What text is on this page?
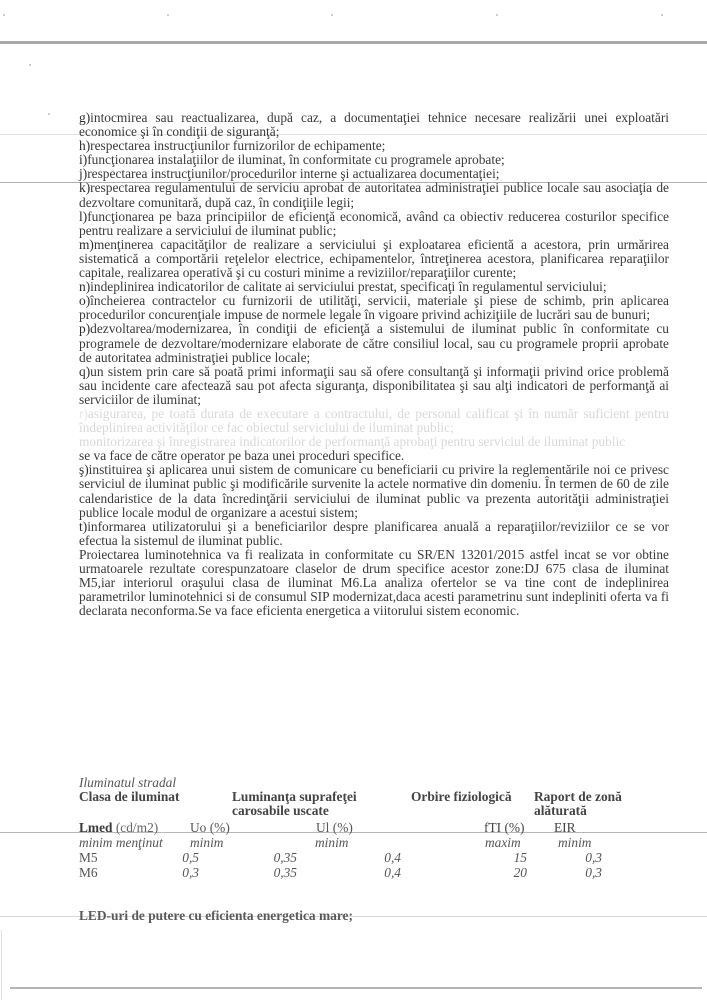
g)intocmirea sau reactualizarea, după caz, a documentaţiei tehnice necesare realizării unei exploatări economice şi în condiţii de siguranţă;

h)respectarea instrucţiunilor furnizorilor de echipamente;

i)funcţionarea instalaţiilor de iluminat, în conformitate cu programele aprobate;

j)respectarea instrucţiunilor/procedurilor interne şi actualizarea documentaţiei;

k)respectarea regulamentului de serviciu aprobat de autoritatea administraţiei publice locale sau asociaţia de dezvoltare comunitară, după caz, în condiţiile legii;

l)funcţionarea pe baza principiilor de eficienţă economică, având ca obiectiv reducerea costurilor specifice pentru realizare a serviciului de iluminat public;

m)menţinerea capacităţilor de realizare a serviciului şi exploatarea eficientă a acestora, prin urmărirea sistematică a comportării reţelelor electrice, echipamentelor, întreţinerea acestora, planificarea reparaţiilor capitale, realizarea operativă şi cu costuri minime a reviziilor/reparaţiilor curente;

n)indeplinirea indicatorilor de calitate ai serviciului prestat, specificaţi în regulamentul serviciului;

o)încheierea contractelor cu furnizorii de utilităţi, servicii, materiale şi piese de schimb, prin aplicarea procedurilor concurenţiale impuse de normele legale în vigoare privind achiziţiile de lucrări sau de bunuri;

p)dezvoltarea/modernizarea, în condiţii de eficienţă a sistemului de iluminat public în conformitate cu programele de dezvoltare/modernizare elaborate de către consiliul local, sau cu programele proprii aprobate de autoritatea administraţiei publice locale;

q)un sistem prin care să poată primi informaţii sau să ofere consultanţă şi informaţii privind orice problemă sau incidente care afectează sau pot afecta siguranţa, disponibilitatea şi sau alţi indicatori de performanţă ai serviciilor de iluminat;

r)asigurarea, pe toată durata de executare a contractului, de personal calificat şi în număr suficient pentru îndeplinirea activităţilor ce fac obiectul serviciului de iluminat public;

monitorizarea şi înregistrarea indicatorilor de performanţă aprobaţi pentru serviciul de iluminat public

se va face de către operator pe baza unei proceduri specifice.

ş)instituirea şi aplicarea unui sistem de comunicare cu beneficiarii cu privire la reglementările noi ce privesc serviciul de iluminat public şi modificările survenite la actele normative din domeniu. În termen de 60 de zile calendaristice de la data încredinţării serviciului de iluminat public va prezenta autorităţii administraţiei publice locale modul de organizare a acestui sistem;

t)informarea utilizatorului şi a beneficiarilor despre planificarea anuală a reparaţiilor/reviziilor ce se vor efectua la sistemul de iluminat public.

Proiectarea luminotehnica va fi realizata in conformitate cu SR/EN 13201/2015 astfel incat se vor obtine urmatoarele rezultate corespunzatoare claselor de drum specifice acestor zone:DJ 675 clasa de iluminat M5,iar interiorul oraşului clasa de iluminat M6.La analiza ofertelor se va tine cont de indeplinirea parametrilor luminotehnici si de consumul SIP modernizat,daca acesti parametrinu sunt indepliniti oferta va fi declarata neconforma.Se va face eficienta energetica a viitorului sistem economic.

Iluminatul stradal
Clasa de iluminat	Luminanţa suprafeţei
carosabile uscate
Orbire fiziologică Raport de zonă
alăturată
Lmed (cd/m2) Uo (%)	Ul (%)	fTI (%) EIR
minim menţinut minim	minim	maxim	minim
M5	0,5	0,35	0,4	15	0,3
M6	0,3	0,35	0,4	20	0,3
LED-uri de putere cu eficienta energetica mare;
